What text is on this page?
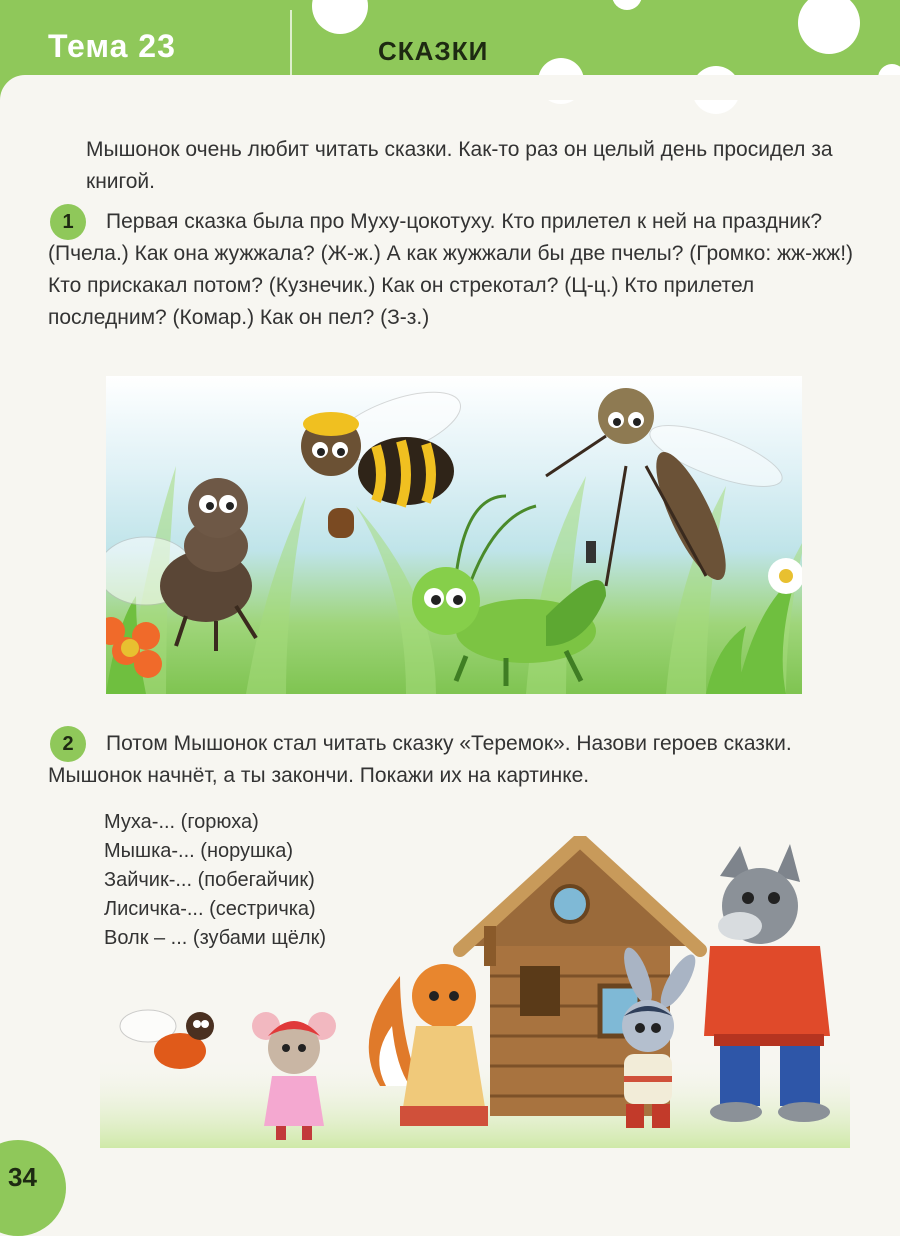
Тема 23	СКАЗКИ
Мышонок очень любит читать сказки. Как-то раз он целый день просидел за книгой.
1	Первая сказка была про Муху-цокотуху. Кто прилетел к ней на праздник? (Пчела.) Как она жужжала? (Ж-ж.) А как жужжали бы две пчелы? (Громко: жж-жж!) Кто прискакал потом? (Кузнечик.) Как он стрекотал? (Ц-ц.) Кто прилетел последним? (Комар.) Как он пел? (З-з.)
2	Потом Мышонок стал читать сказку «Теремок». Назови героев сказки. Мышонок начнёт, а ты закончи. Покажи их на картинке.
Муха-... (горюха)
Мышка-... (норушка)
Зайчик-... (побегайчик)
Лисичка-... (сестричка)
Волк – ... (зубами щёлк)
34
